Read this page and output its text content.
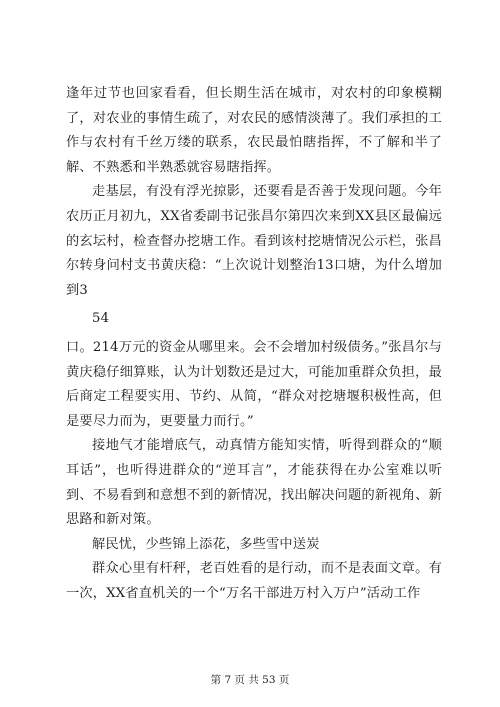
逢年过节也回家看看，但长期生活在城市，对农村的印象模糊了，对农业的事情生疏了，对农民的感情淡薄了。我们承担的工作与农村有千丝万缕的联系，农民最怕瞎指挥，不了解和半了解、不熟悉和半熟悉就容易瞎指挥。

走基层，有没有浮光掠影，还要看是否善于发现问题。今年农历正月初九，XX省委副书记张昌尔第四次来到XX县区最偏远的玄坛村，检查督办挖塘工作。看到该村挖塘情况公示栏，张昌尔转身问村支书黄庆稳：“上次说计划整治13口塘，为什么增加到3

54

口。214万元的资金从哪里来。会不会增加村级债务。”张昌尔与黄庆稳仔细算账，认为计划数还是过大，可能加重群众负担，最后商定工程要实用、节约、从简，“群众对挖塘堰积极性高，但是要尽力而为，更要量力而行。”

接地气才能增底气，动真情方能知实情，听得到群众的“顺耳话”，也听得进群众的“逆耳言”，才能获得在办公室难以听到、不易看到和意想不到的新情况，找出解决问题的新视角、新思路和新对策。

解民忧，少些锦上添花，多些雪中送炭

群众心里有杆秤，老百姓看的是行动，而不是表面文章。有一次，XX省直机关的一个“万名干部进万村入万户”活动工作

第 7 页 共 53 页
